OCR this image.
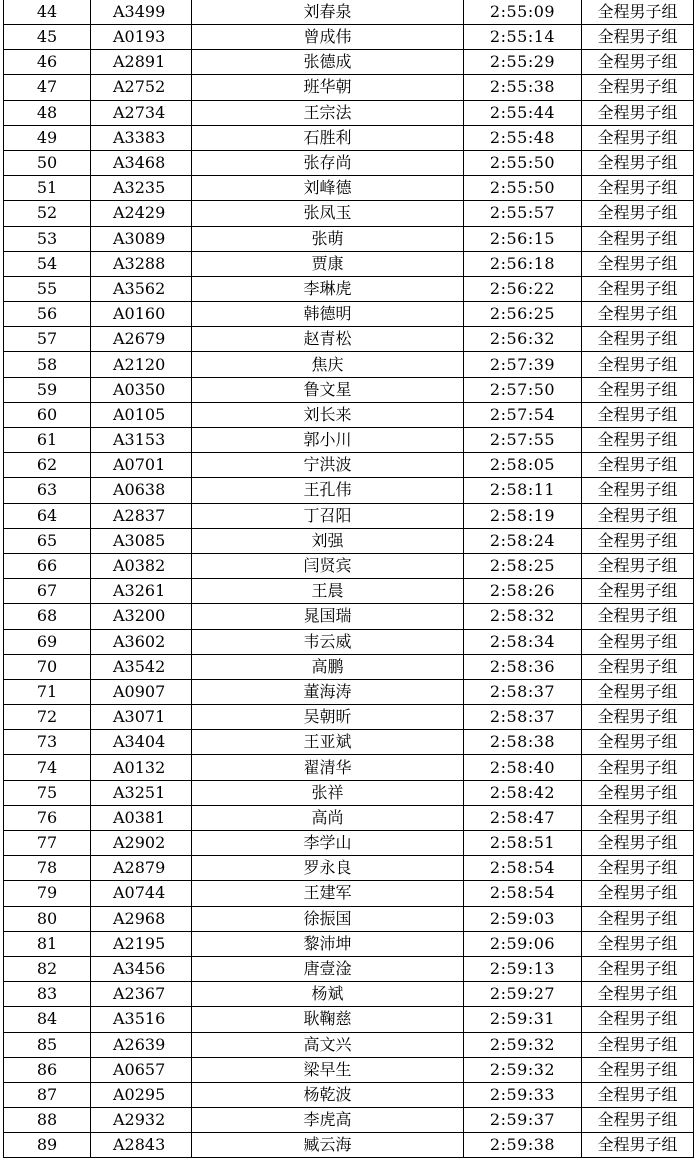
44	A3499	刘春泉	2:55:09	全程男子组
45	A0193	曾成伟	2:55:14	全程男子组
46	A2891	张德成	2:55:29	全程男子组
47	A2752	班华朝	2:55:38	全程男子组
48	A2734	王宗法	2:55:44	全程男子组
49	A3383	石胜利	2:55:48	全程男子组
50	A3468	张存尚	2:55:50	全程男子组
51	A3235	刘峰德	2:55:50	全程男子组
52	A2429	张凤玉	2:55:57	全程男子组
53	A3089	张萌	2:56:15	全程男子组
54	A3288	贾康	2:56:18	全程男子组
55	A3562	李琳虎	2:56:22	全程男子组
56	A0160	韩德明	2:56:25	全程男子组
57	A2679	赵青松	2:56:32	全程男子组
58	A2120	焦庆	2:57:39	全程男子组
59	A0350	鲁文星	2:57:50	全程男子组
60	A0105	刘长来	2:57:54	全程男子组
61	A3153	郭小川	2:57:55	全程男子组
62	A0701	宁洪波	2:58:05	全程男子组
63	A0638	王孔伟	2:58:11	全程男子组
64	A2837	丁召阳	2:58:19	全程男子组
65	A3085	刘强	2:58:24	全程男子组
66	A0382	闫贤宾	2:58:25	全程男子组
67	A3261	王晨	2:58:26	全程男子组
68	A3200	晁国瑞	2:58:32	全程男子组
69	A3602	韦云威	2:58:34	全程男子组
70	A3542	高鹏	2:58:36	全程男子组
71	A0907	董海涛	2:58:37	全程男子组
72	A3071	吴朝昕	2:58:37	全程男子组
73	A3404	王亚斌	2:58:38	全程男子组
74	A0132	翟清华	2:58:40	全程男子组
75	A3251	张祥	2:58:42	全程男子组
76	A0381	高尚	2:58:47	全程男子组
77	A2902	李学山	2:58:51	全程男子组
78	A2879	罗永良	2:58:54	全程男子组
79	A0744	王建军	2:58:54	全程男子组
80	A2968	徐振国	2:59:03	全程男子组
81	A2195	黎沛坤	2:59:06	全程男子组
82	A3456	唐壹淦	2:59:13	全程男子组
83	A2367	杨斌	2:59:27	全程男子组
84	A3516	耿鞠慈	2:59:31	全程男子组
85	A2639	高文兴	2:59:32	全程男子组
86	A0657	梁早生	2:59:32	全程男子组
87	A0295	杨乾波	2:59:33	全程男子组
88	A2932	李虎高	2:59:37	全程男子组
89	A2843	臧云海	2:59:38	全程男子组
